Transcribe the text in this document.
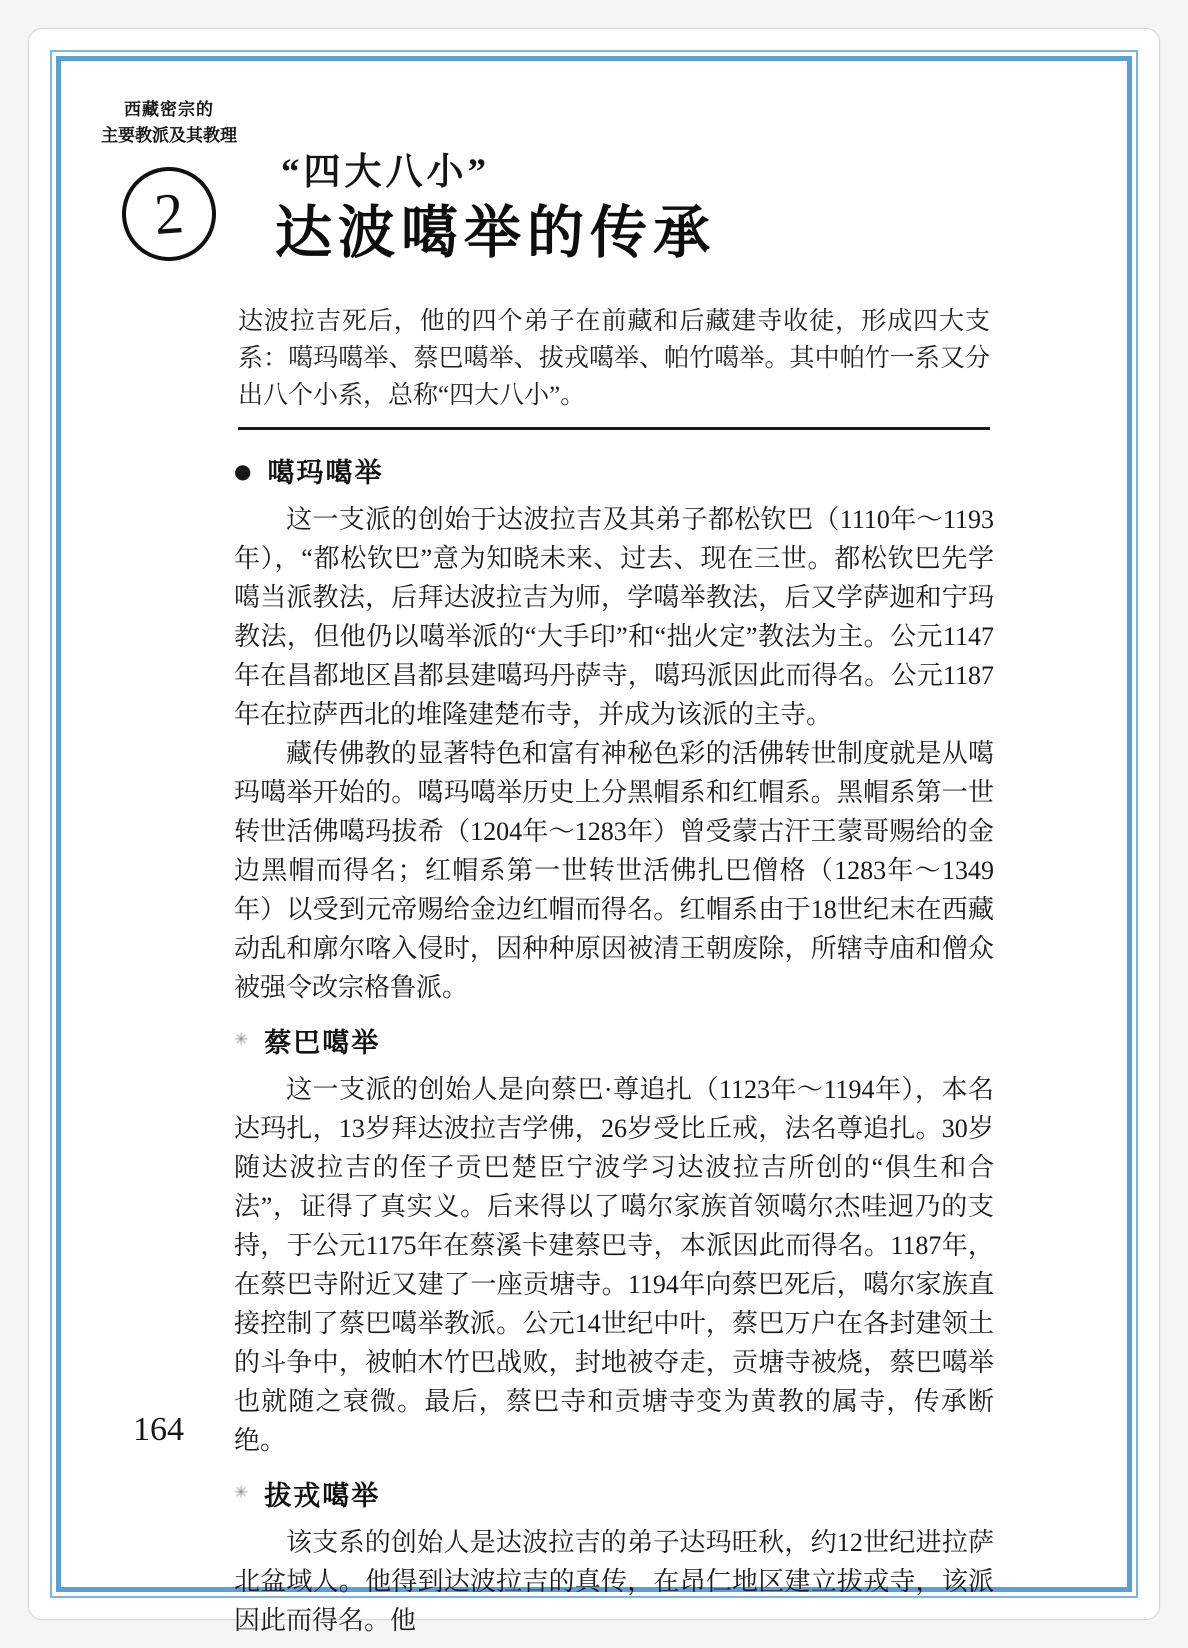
西藏密宗的
主要教派及其教理
2
“四大八小”
达波噶举的传承
达波拉吉死后，他的四个弟子在前藏和后藏建寺收徒，形成四大支系：噶玛噶举、蔡巴噶举、拔戎噶举、帕竹噶举。其中帕竹一系又分出八个小系，总称“四大八小”。
● 噶玛噶举

这一支派的创始于达波拉吉及其弟子都松钦巴（1110年～1193年），“都松钦巴”意为知晓未来、过去、现在三世。都松钦巴先学噶当派教法，后拜达波拉吉为师，学噶举教法，后又学萨迦和宁玛教法，但他仍以噶举派的“大手印”和“拙火定”教法为主。公元1147年在昌都地区昌都县建噶玛丹萨寺，噶玛派因此而得名。公元1187年在拉萨西北的堆隆建楚布寺，并成为该派的主寺。

藏传佛教的显著特色和富有神秘色彩的活佛转世制度就是从噶玛噶举开始的。噶玛噶举历史上分黑帽系和红帽系。黑帽系第一世转世活佛噶玛拔希（1204年～1283年）曾受蒙古汗王蒙哥赐给的金边黑帽而得名；红帽系第一世转世活佛扎巴僧格（1283年～1349年）以受到元帝赐给金边红帽而得名。红帽系由于18世纪末在西藏动乱和廓尔喀入侵时，因种种原因被清王朝废除，所辖寺庙和僧众被强令改宗格鲁派。

✳ 蔡巴噶举

这一支派的创始人是向蔡巴·尊追扎（1123年～1194年），本名达玛扎，13岁拜达波拉吉学佛，26岁受比丘戒，法名尊追扎。30岁随达波拉吉的侄子贡巴楚臣宁波学习达波拉吉所创的“俱生和合法”，证得了真实义。后来得以了噶尔家族首领噶尔杰哇迥乃的支持，于公元1175年在蔡溪卡建蔡巴寺，本派因此而得名。1187年，在蔡巴寺附近又建了一座贡塘寺。1194年向蔡巴死后，噶尔家族直接控制了蔡巴噶举教派。公元14世纪中叶，蔡巴万户在各封建领土的斗争中，被帕木竹巴战败，封地被夺走，贡塘寺被烧，蔡巴噶举也就随之衰微。最后，蔡巴寺和贡塘寺变为黄教的属寺，传承断绝。

✳ 拔戎噶举

该支系的创始人是达波拉吉的弟子达玛旺秋，约12世纪进拉萨北盆域人。他得到达波拉吉的真传，在昂仁地区建立拔戎寺，该派因此而得名。他

164
